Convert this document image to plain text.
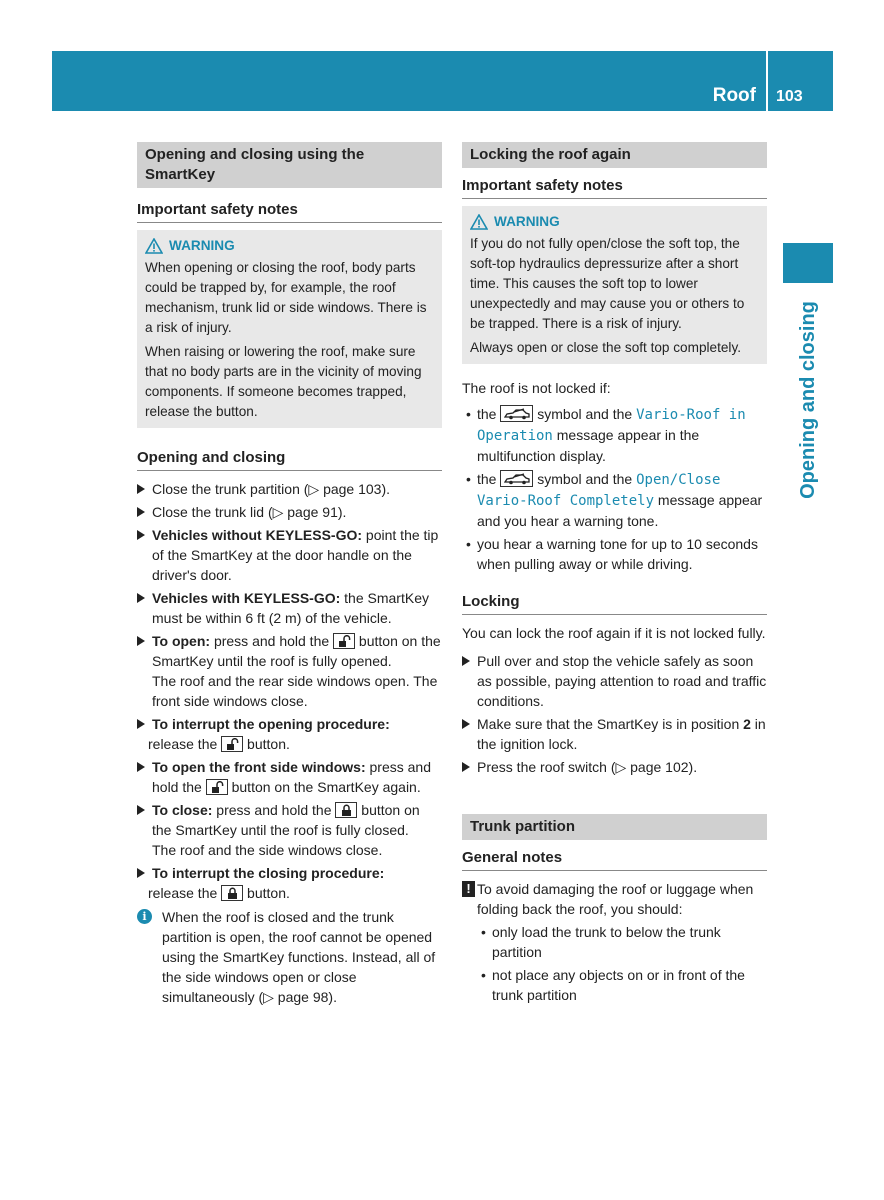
Roof 103
Opening and closing
Opening and closing using the SmartKey
Important safety notes
WARNING

When opening or closing the roof, body parts could be trapped by, for example, the roof mechanism, trunk lid or side windows. There is a risk of injury.

When raising or lowering the roof, make sure that no body parts are in the vicinity of moving components. If someone becomes trapped, release the button.

Opening and closing
Close the trunk partition (▷ page 103).
Close the trunk lid (▷ page 91).
Vehicles without KEYLESS-GO: point the tip of the SmartKey at the door handle on the driver's door.
Vehicles with KEYLESS-GO: the SmartKey must be within 6 ft (2 m) of the vehicle.
To open: press and hold the
button on the SmartKey until the roof is fully opened.
The roof and the rear side windows open. The front side windows close.
To interrupt the opening procedure:
release the
button.
To open the front side windows: press and hold the
button on the SmartKey again.
To close: press and hold the
button on the SmartKey until the roof is fully closed.
The roof and the side windows close.
To interrupt the closing procedure:
release the
button.
i	When the roof is closed and the trunk partition is open, the roof cannot be opened using the SmartKey functions. Instead, all of the side windows open or close simultaneously (▷ page 98).
Locking the roof again
Important safety notes
WARNING

If you do not fully open/close the soft top, the soft-top hydraulics depressurize after a short time. This causes the soft top to lower unexpectedly and may cause you or others to be trapped. There is a risk of injury.

Always open or close the soft top completely.

The roof is not locked if:
• the
symbol and the Vario-Roof in Operation message appear in the multifunction display.
• the
symbol and the Open/Close Vario-Roof Completely message appear and you hear a warning tone.
• you hear a warning tone for up to 10 seconds when pulling away or while driving.
Locking
You can lock the roof again if it is not locked fully.
Pull over and stop the vehicle safely as soon as possible, paying attention to road and traffic conditions.
Make sure that the SmartKey is in position 2 in the ignition lock.
Press the roof switch (▷ page 102).
Trunk partition
General notes
! To avoid damaging the roof or luggage when folding back the roof, you should:
• only load the trunk to below the trunk partition
• not place any objects on or in front of the trunk partition
